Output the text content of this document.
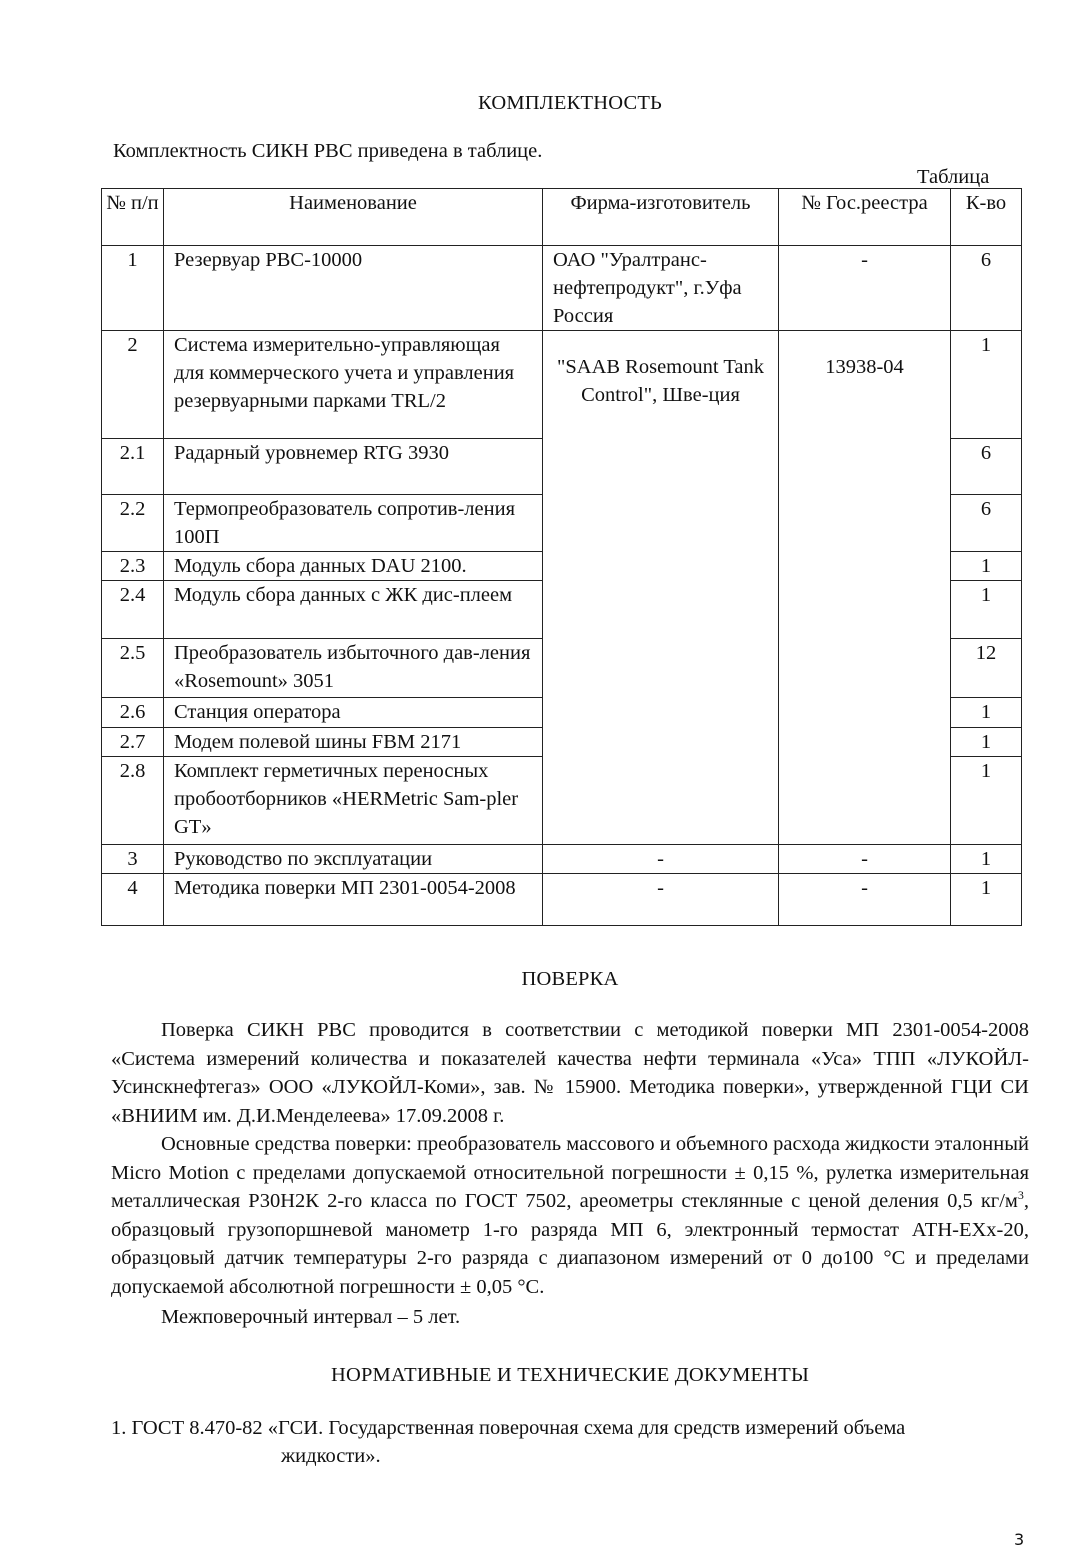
КОМПЛЕКТНОСТЬ
Комплектность СИКН РВС приведена в таблице.
Таблица
№ п/п	Наименование	Фирма-изготовитель	№ Гос.реестра	К-во
1	Резервуар РВС-10000	ОАО "Уралтранс-нефтепродукт", г.Уфа Россия	-	6
2	Система измерительно-управляющая для коммерческого учета и управления резервуарными парками TRL/2	"SAAB Rosemount Tank Control", Шве-ция	13938-04	1
2.1	Радарный уровнемер RTG 3930			6
2.2	Термопреобразователь сопротив-ления 100П			6
2.3	Модуль сбора данных DAU 2100.			1
2.4	Модуль сбора данных с ЖК дис-плеем			1
2.5	Преобразователь избыточного дав-ления «Rosemount» 3051			12
2.6	Станция оператора			1
2.7	Модем полевой шины FBM 2171			1
2.8	Комплект герметичных переносных пробоотборников «HERMetric Sam-pler GT»			1
3	Руководство по эксплуатации	-	-	1
4	Методика поверки МП 2301-0054-2008	-	-	1
ПОВЕРКА

Поверка СИКН РВС проводится в соответствии с методикой поверки МП 2301-0054-2008 «Система измерений количества и показателей качества нефти терминала «Уса» ТПП «ЛУКОЙЛ-Усинскнефтегаз» ООО «ЛУКОЙЛ-Коми», зав. № 15900. Методика поверки», утвержденной ГЦИ СИ «ВНИИМ им. Д.И.Менделеева» 17.09.2008 г.

Основные средства поверки: преобразователь массового и объемного расхода жидкости эталонный Micro Motion с пределами допускаемой относительной погрешности ± 0,15 %, рулетка измерительная металлическая Р30Н2К 2-го класса по ГОСТ 7502, ареометры стеклянные с ценой деления 0,5 $кг/м^3$, образцовый грузопоршневой манометр 1-го разряда МП 6, электронный термостат АТН-EXx-20, образцовый датчик температуры 2-го разряда с диапазоном измерений от 0 до100 °С и пределами допускаемой абсолютной погрешности ± 0,05 °С.

Межповерочный интервал – 5 лет.

НОРМАТИВНЫЕ И ТЕХНИЧЕСКИЕ ДОКУМЕНТЫ
1. ГОСТ 8.470-82 «ГСИ. Государственная поверочная схема для средств измерений объема
жидкости».
3
